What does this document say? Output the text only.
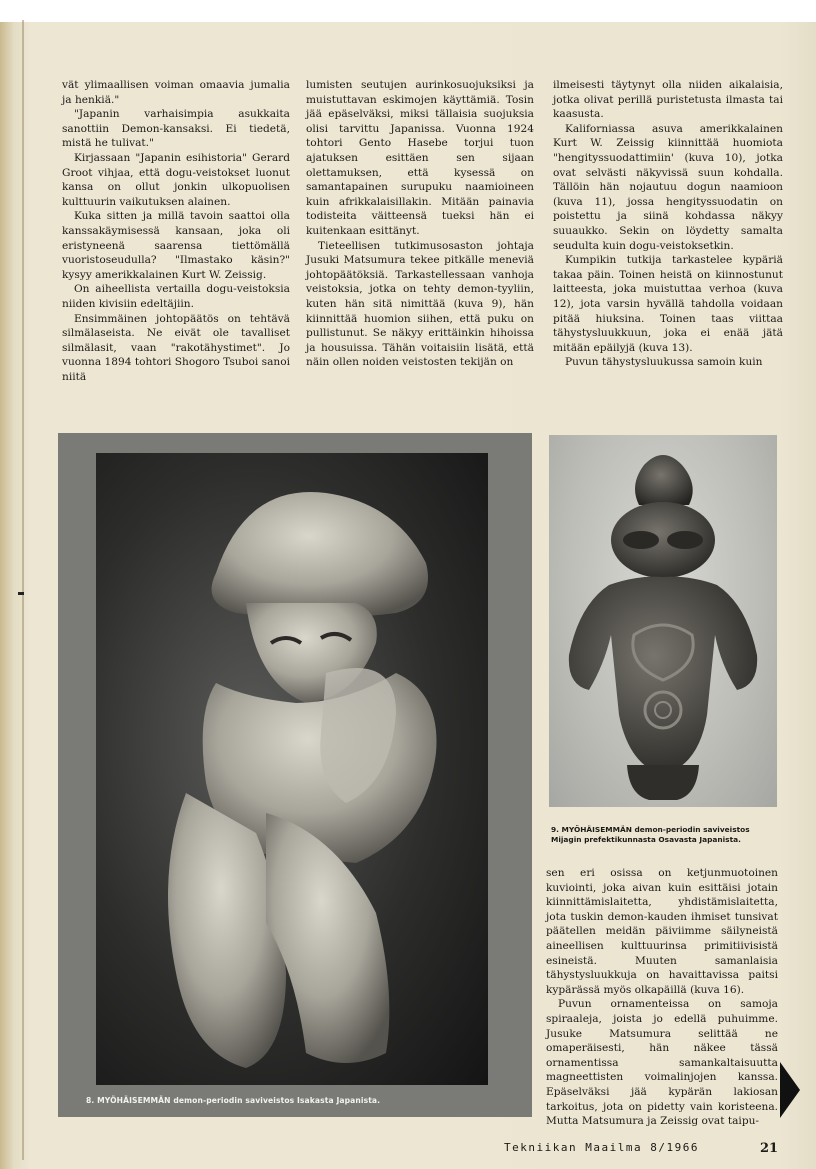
vät ylimaallisen voiman omaavia jumalia ja henkiä."

"Japanin varhaisimpia asukkaita sanottiin Demon-kansaksi. Ei tiedetä, mistä he tulivat."

Kirjassaan "Japanin esihistoria" Gerard Groot vihjaa, että dogu-veistokset luonut kansa on ollut jonkin ulkopuolisen kulttuurin vaikutuksen alainen.

Kuka sitten ja millä tavoin saattoi olla kanssakäymisessä kansaan, joka oli eristyneenä saarensa tiettömällä vuoristoseudulla? "Ilmastako käsin?" kysyy amerikkalainen Kurt W. Zeissig.

On aiheellista vertailla dogu-veistoksia niiden kivisiin edeltäjiin.

Ensimmäinen johtopäätös on tehtävä silmälaseista. Ne eivät ole tavalliset silmälasit, vaan "rakotähystimet". Jo vuonna 1894 tohtori Shogoro Tsuboi sanoi niitä

lumisten seutujen aurinkosuojuksiksi ja muistuttavan eskimojen käyttämiä. Tosin jää epäselväksi, miksi tällaisia suojuksia olisi tarvittu Japanissa. Vuonna 1924 tohtori Gento Hasebe torjui tuon ajatuksen esittäen sen sijaan olettamuksen, että kysessä on samantapainen surupuku naamioineen kuin afrikkalaisillakin. Mitään painavia todisteita väitteensä tueksi hän ei kuitenkaan esittänyt.

Tieteellisen tutkimusosaston johtaja Jusuki Matsumura tekee pitkälle meneviä johtopäätöksiä. Tarkastellessaan vanhoja veistoksia, jotka on tehty demon-tyyliin, kuten hän sitä nimittää (kuva 9), hän kiinnittää huomion siihen, että puku on pullistunut. Se näkyy erittäinkin hihoissa ja housuissa. Tähän voitaisiin lisätä, että näin ollen noiden veistosten tekijän on

ilmeisesti täytynyt olla niiden aikalaisia, jotka olivat perillä puristetusta ilmasta tai kaasusta.

Kaliforniassa asuva amerikkalainen Kurt W. Zeissig kiinnittää huomiota "hengityssuodattimiin' (kuva 10), jotka ovat selvästi näkyvissä suun kohdalla. Tällöin hän nojautuu dogun naamioon (kuva 11), jossa hengityssuodatin on poistettu ja siinä kohdassa näkyy suuaukko. Sekin on löydetty samalta seudulta kuin dogu-veistoksetkin.

Kumpikin tutkija tarkastelee kypäriä takaa päin. Toinen heistä on kiinnostunut laitteesta, joka muistuttaa verhoa (kuva 12), jota varsin hyvällä tahdolla voidaan pitää hiuksina. Toinen taas viittaa tähystysluukkuun, joka ei enää jätä mitään epäilyjä (kuva 13).

Puvun tähystysluukussa samoin kuin

8. MYÖHÄISEMMÄN demon-periodin saviveistos Isakasta Japanista.
9. MYÖHÄISEMMÄN demon-periodin saviveistos
Mijagin prefektikunnasta Osavasta Japanista.

sen eri osissa on ketjunmuotoinen kuviointi, joka aivan kuin esittäisi jotain kiinnittämislaitetta, yhdistämislaitetta, jota tuskin demon-kauden ihmiset tunsivat päätellen meidän päiviimme säilyneistä aineellisen kulttuurinsa primitiivisistä esineistä. Muuten samanlaisia tähystysluukkuja on havaittavissa paitsi kypärässä myös olkapäillä (kuva 16).

Puvun ornamenteissa on samoja spiraaleja, joista jo edellä puhuimme. Jusuke Matsumura selittää ne omaperäisesti, hän näkee tässä ornamentissa samankaltaisuutta magneettisten voimalinjojen kanssa. Epäselväksi jää kypärän lakiosan tarkoitus, jota on pidetty vain koristeena. Mutta Matsumura ja Zeissig ovat taipu-

Tekniikan Maailma 8/1966	21
